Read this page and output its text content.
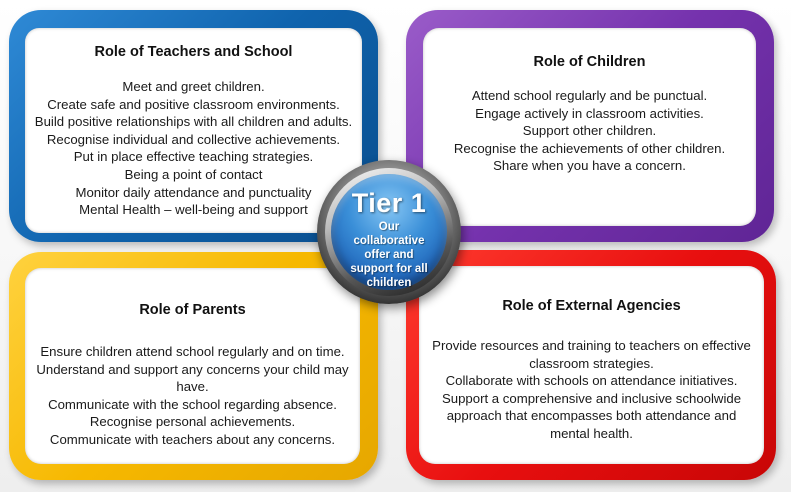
Role of Teachers and School
Meet and greet children.
Create safe and positive classroom environments.
Build positive relationships with all children and adults.
Recognise individual and collective achievements.
Put in place effective teaching strategies.
Being a point of contact
Monitor daily attendance and punctuality
Mental Health – well-being and support
Role of Children
Attend school regularly and be punctual.
Engage actively in classroom activities.
Support other children.
Recognise the achievements of other children.
Share when you have a concern.
Role of Parents
Ensure children attend school regularly and on time.
Understand and support any concerns your child may
have.
Communicate with the school regarding absence.
Recognise personal achievements.
Communicate with teachers about any concerns.
Role of External Agencies
Provide resources and training to teachers on effective
classroom strategies.
Collaborate with schools on attendance initiatives.
Support a comprehensive and inclusive schoolwide
approach that encompasses both attendance and
mental health.
Tier 1
Our
collaborative
offer and
support for all
children
